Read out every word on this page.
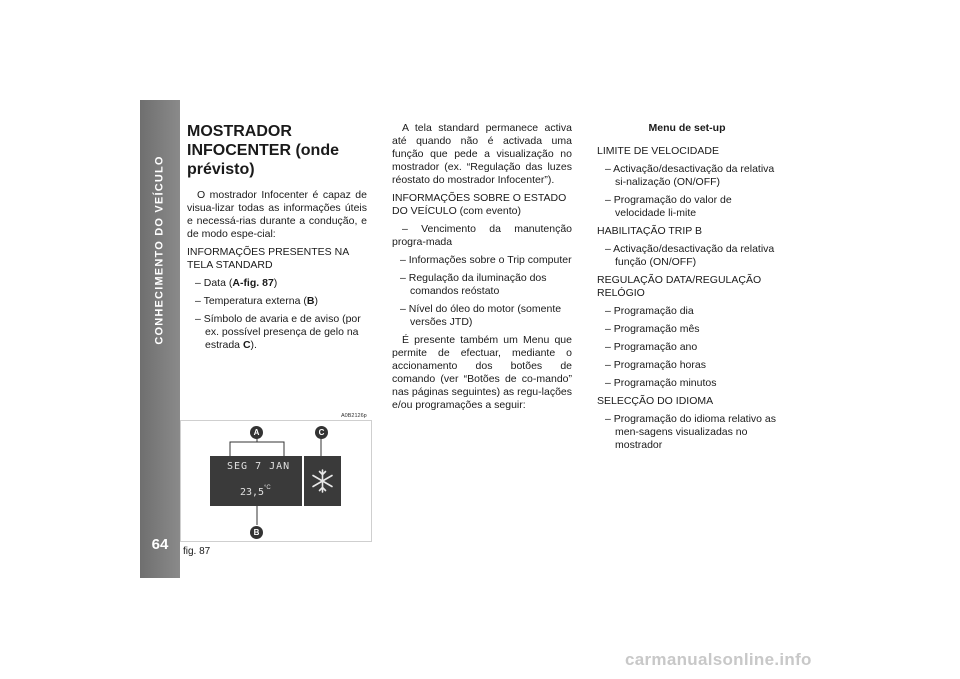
CONHECIMENTO DO VEÍCULO
64
MOSTRADOR INFOCENTER (onde prévisto)

O mostrador Infocenter é capaz de visua-lizar todas as informações úteis e necessá-rias durante a condução, e de modo espe-cial:

INFORMAÇÕES PRESENTES NA TELA STANDARD

– Data (A-fig. 87)

– Temperatura externa (B)

– Símbolo de avaria e de aviso (por ex. possível presença de gelo na estrada C).

A tela standard permanece activa até quando não é activada uma função que pede a visualização no mostrador (ex. “Regulação das luzes réostato do mostrador Infocenter”).

INFORMAÇÕES SOBRE O ESTADO DO VEÍCULO (com evento)

– Vencimento da manutenção progra-mada

– Informações sobre o Trip computer

– Regulação da iluminação dos comandos reóstato

– Nível do óleo do motor (somente versões JTD)

É presente também um Menu que permite de efectuar, mediante o accionamento dos botões de comando (ver “Botões de co-mando” nas páginas seguintes) as regu-lações e/ou programações a seguir:

Menu de set-up

LIMITE DE VELOCIDADE

– Activação/desactivação da relativa si-nalização (ON/OFF)

– Programação do valor de velocidade li-mite

HABILITAÇÃO TRIP B

– Activação/desactivação da relativa função (ON/OFF)

REGULAÇÃO DATA/REGULAÇÃO RELÓGIO

– Programação dia

– Programação mês

– Programação ano

– Programação horas

– Programação minutos

SELECÇÃO DO IDIOMA

– Programação do idioma relativo as men-sagens visualizadas no mostrador

A0B2126p
SEG 7 JAN
23,5 °C
A
B
C
fig. 87
carmanualsonline.info
